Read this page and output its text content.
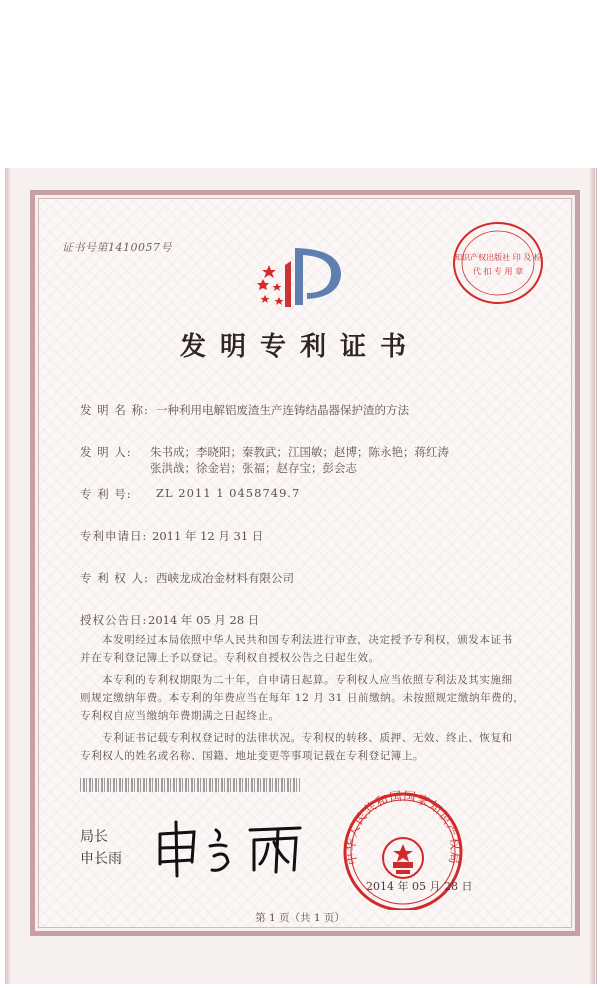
证书号第1410057号
知识产权出版社 印 及 检
代 扣 专 用 章
发明专利证书
发 明 名 称: 一种利用电解铝废渣生产连铸结晶器保护渣的方法
发 明 人: 朱书成；李晓阳；秦教武；江国敏；赵博；陈永艳；蒋红涛
张洪战；徐金岩；张福；赵存宝；彭会志
专 利 号: ZL 2011 1 0458749.7
专利申请日: 2011 年 12 月 31 日
专 利 权 人: 西峡龙成冶金材料有限公司
授权公告日: 2014 年 05 月 28 日
本发明经过本局依照中华人民共和国专利法进行审查，决定授予专利权，颁发本证书
并在专利登记簿上予以登记。专利权自授权公告之日起生效。
本专利的专利权期限为二十年，自申请日起算。专利权人应当依照专利法及其实施细
则规定缴纳年费。本专利的年费应当在每年 12 月 31 日前缴纳。未按照规定缴纳年费的，
专利权自应当缴纳年费期满之日起终止。
专利证书记载专利权登记时的法律状况。专利权的转移、质押、无效、终止、恢复和
专利权人的姓名或名称、国籍、地址变更等事项记载在专利登记簿上。
局长
申长雨	中华人民共和国国家知识产权局
2014 年 05 月 28 日
第 1 页（共 1 页）
